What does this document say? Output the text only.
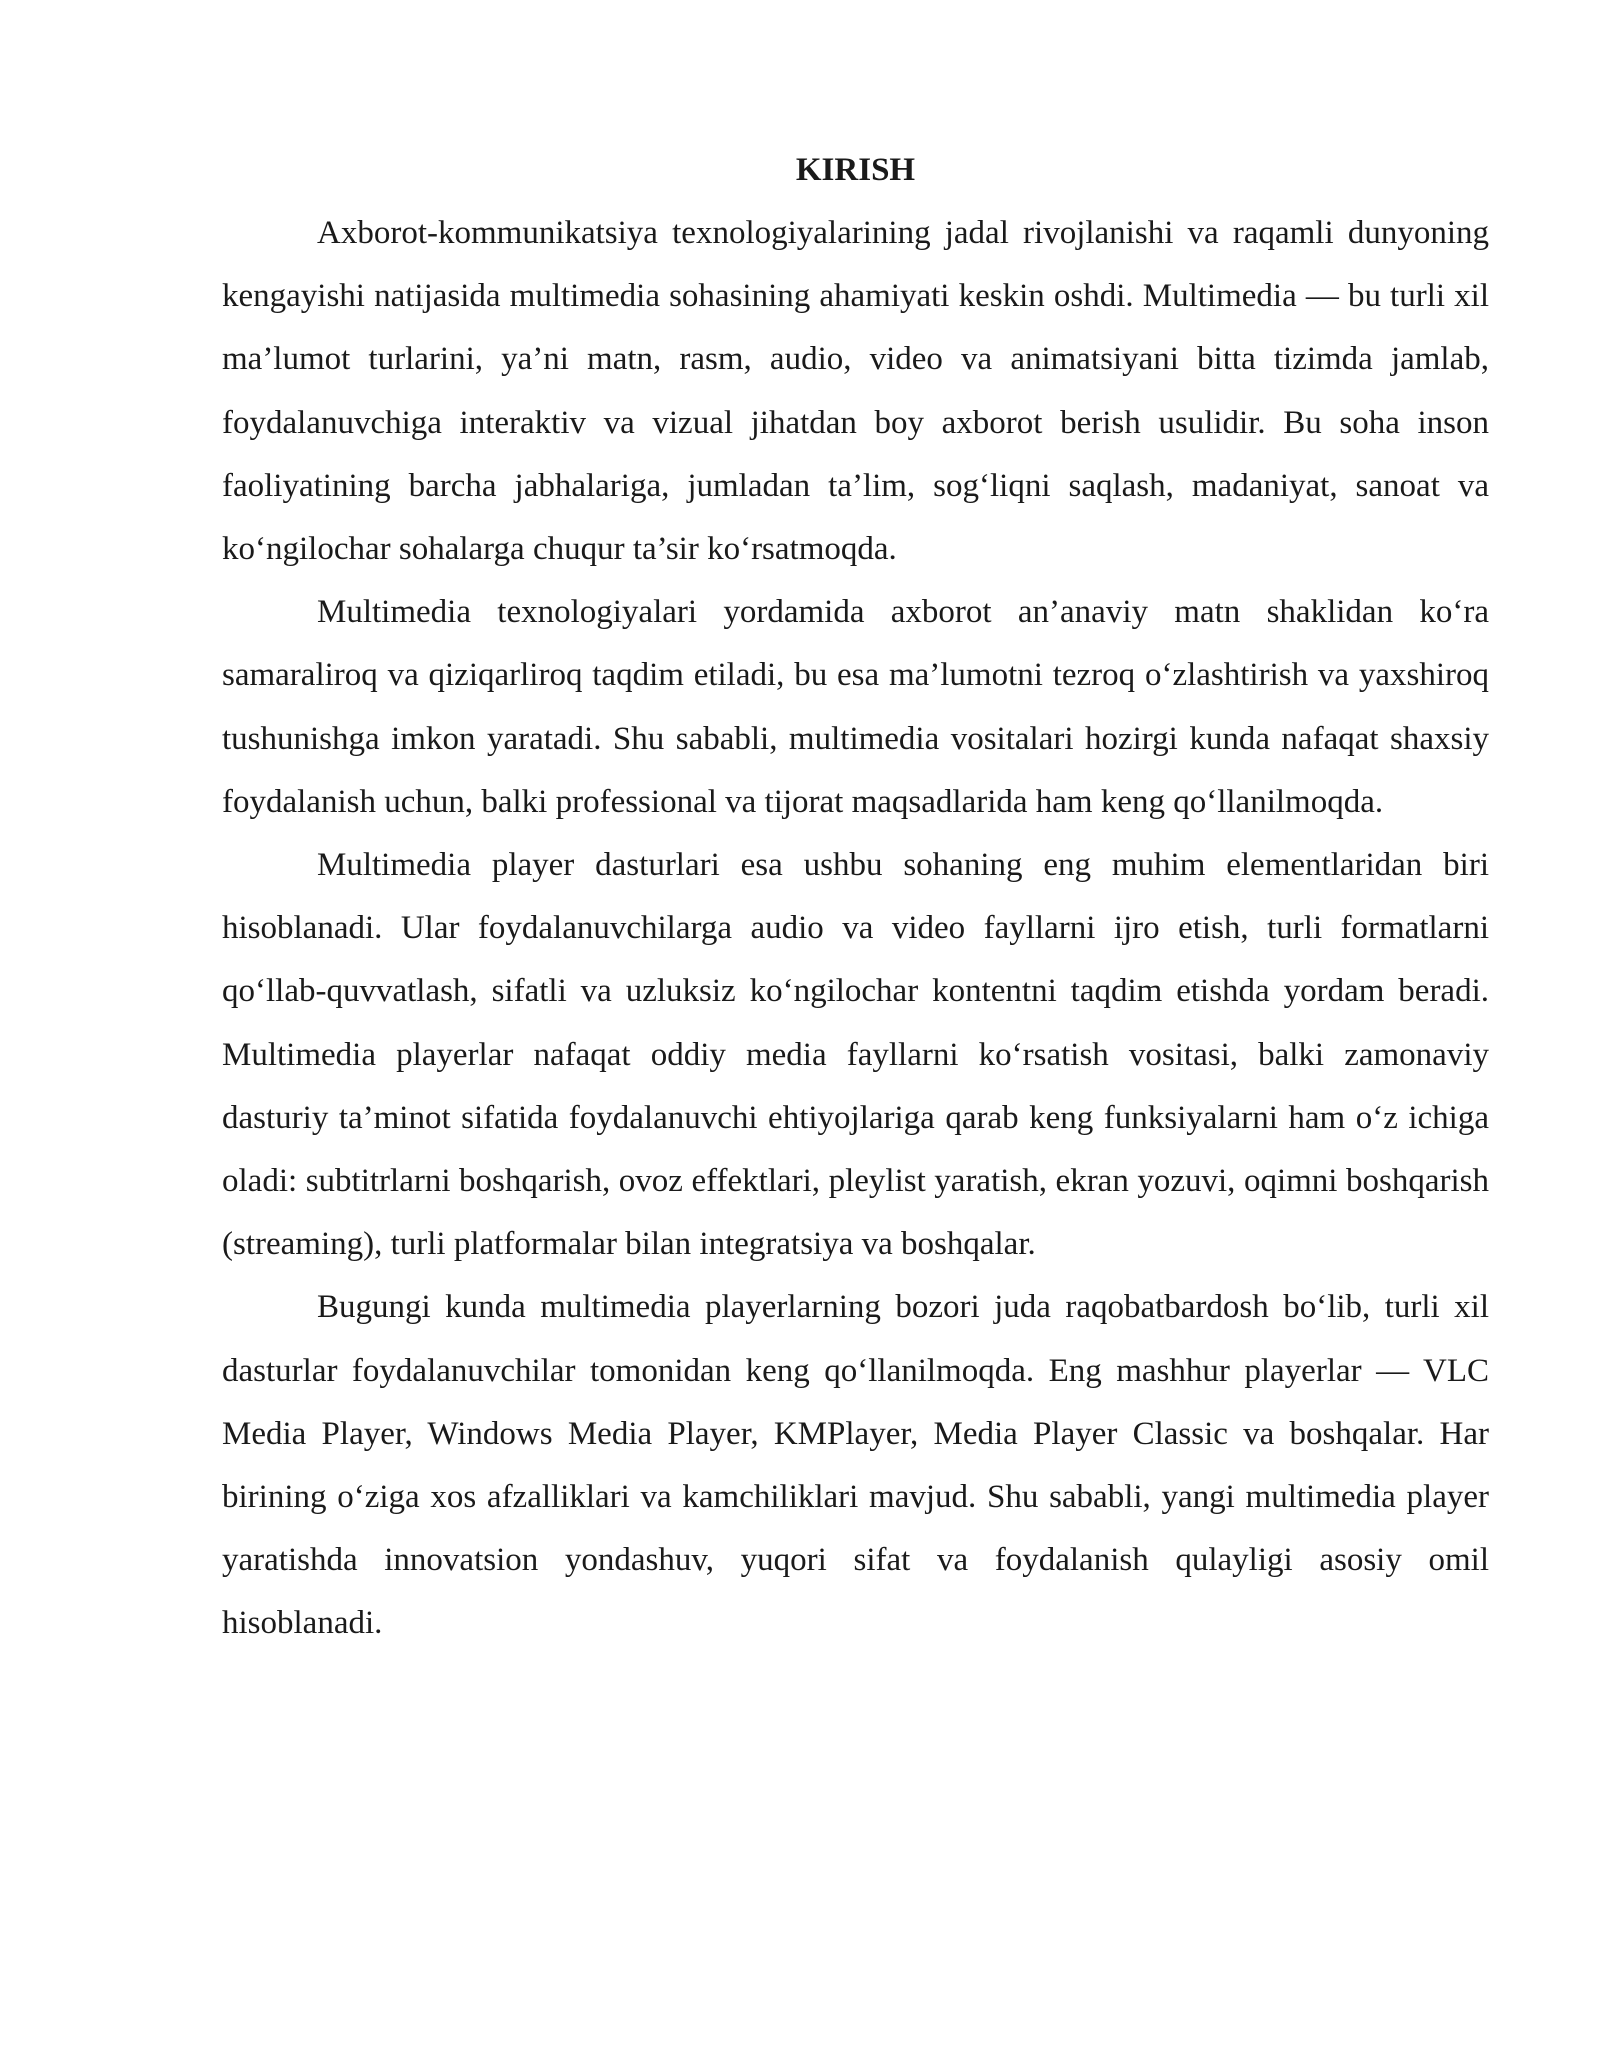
KIRISH

Axborot-kommunikatsiya texnologiyalarining jadal rivojlanishi va raqamli dunyoning kengayishi natijasida multimedia sohasining ahamiyati keskin oshdi. Multimedia — bu turli xil ma’lumot turlarini, ya’ni matn, rasm, audio, video va animatsiyani bitta tizimda jamlab, foydalanuvchiga interaktiv va vizual jihatdan boy axborot berish usulidir. Bu soha inson faoliyatining barcha jabhalariga, jumladan ta’lim, sog‘liqni saqlash, madaniyat, sanoat va ko‘ngilochar sohalarga chuqur ta’sir ko‘rsatmoqda.

Multimedia texnologiyalari yordamida axborot an’anaviy matn shaklidan ko‘ra samaraliroq va qiziqarliroq taqdim etiladi, bu esa ma’lumotni tezroq o‘zlashtirish va yaxshiroq tushunishga imkon yaratadi. Shu sababli, multimedia vositalari hozirgi kunda nafaqat shaxsiy foydalanish uchun, balki professional va tijorat maqsadlarida ham keng qo‘llanilmoqda.

Multimedia player dasturlari esa ushbu sohaning eng muhim elementlaridan biri hisoblanadi. Ular foydalanuvchilarga audio va video fayllarni ijro etish, turli formatlarni qo‘llab-quvvatlash, sifatli va uzluksiz ko‘ngilochar kontentni taqdim etishda yordam beradi. Multimedia playerlar nafaqat oddiy media fayllarni ko‘rsatish vositasi, balki zamonaviy dasturiy ta’minot sifatida foydalanuvchi ehtiyojlariga qarab keng funksiyalarni ham o‘z ichiga oladi: subtitrlarni boshqarish, ovoz effektlari, pleylist yaratish, ekran yozuvi, oqimni boshqarish (streaming), turli platformalar bilan integratsiya va boshqalar.

Bugungi kunda multimedia playerlarning bozori juda raqobatbardosh bo‘lib, turli xil dasturlar foydalanuvchilar tomonidan keng qo‘llanilmoqda. Eng mashhur playerlar — VLC Media Player, Windows Media Player, KMPlayer, Media Player Classic va boshqalar. Har birining o‘ziga xos afzalliklari va kamchiliklari mavjud. Shu sababli, yangi multimedia player yaratishda innovatsion yondashuv, yuqori sifat va foydalanish qulayligi asosiy omil hisoblanadi.
